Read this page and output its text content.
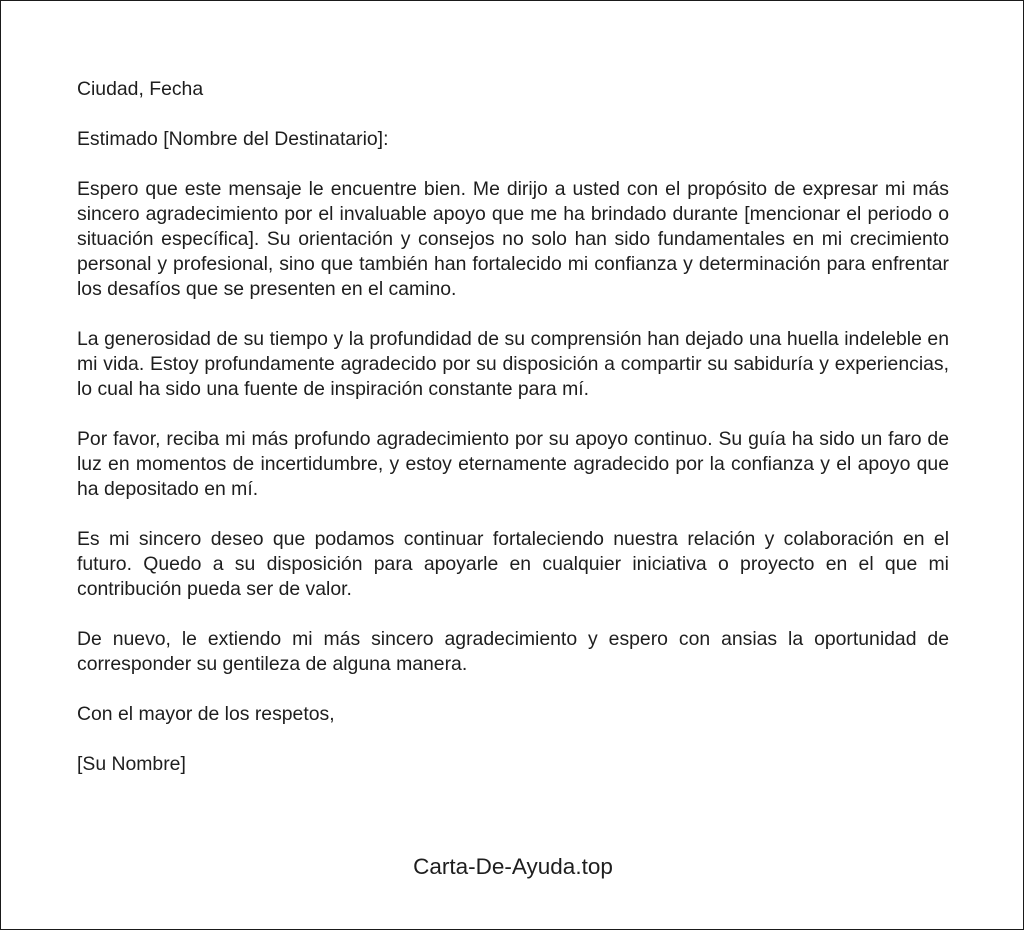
Ciudad, Fecha

Estimado [Nombre del Destinatario]:

Espero que este mensaje le encuentre bien. Me dirijo a usted con el propósito de expresar mi más sincero agradecimiento por el invaluable apoyo que me ha brindado durante [mencionar el periodo o situación específica]. Su orientación y consejos no solo han sido fundamentales en mi crecimiento personal y profesional, sino que también han fortalecido mi confianza y determinación para enfrentar los desafíos que se presenten en el camino.

La generosidad de su tiempo y la profundidad de su comprensión han dejado una huella indeleble en mi vida. Estoy profundamente agradecido por su disposición a compartir su sabiduría y experiencias, lo cual ha sido una fuente de inspiración constante para mí.

Por favor, reciba mi más profundo agradecimiento por su apoyo continuo. Su guía ha sido un faro de luz en momentos de incertidumbre, y estoy eternamente agradecido por la confianza y el apoyo que ha depositado en mí.

Es mi sincero deseo que podamos continuar fortaleciendo nuestra relación y colaboración en el futuro. Quedo a su disposición para apoyarle en cualquier iniciativa o proyecto en el que mi contribución pueda ser de valor.

De nuevo, le extiendo mi más sincero agradecimiento y espero con ansias la oportunidad de corresponder su gentileza de alguna manera.

Con el mayor de los respetos,

[Su Nombre]

Carta-De-Ayuda.top
